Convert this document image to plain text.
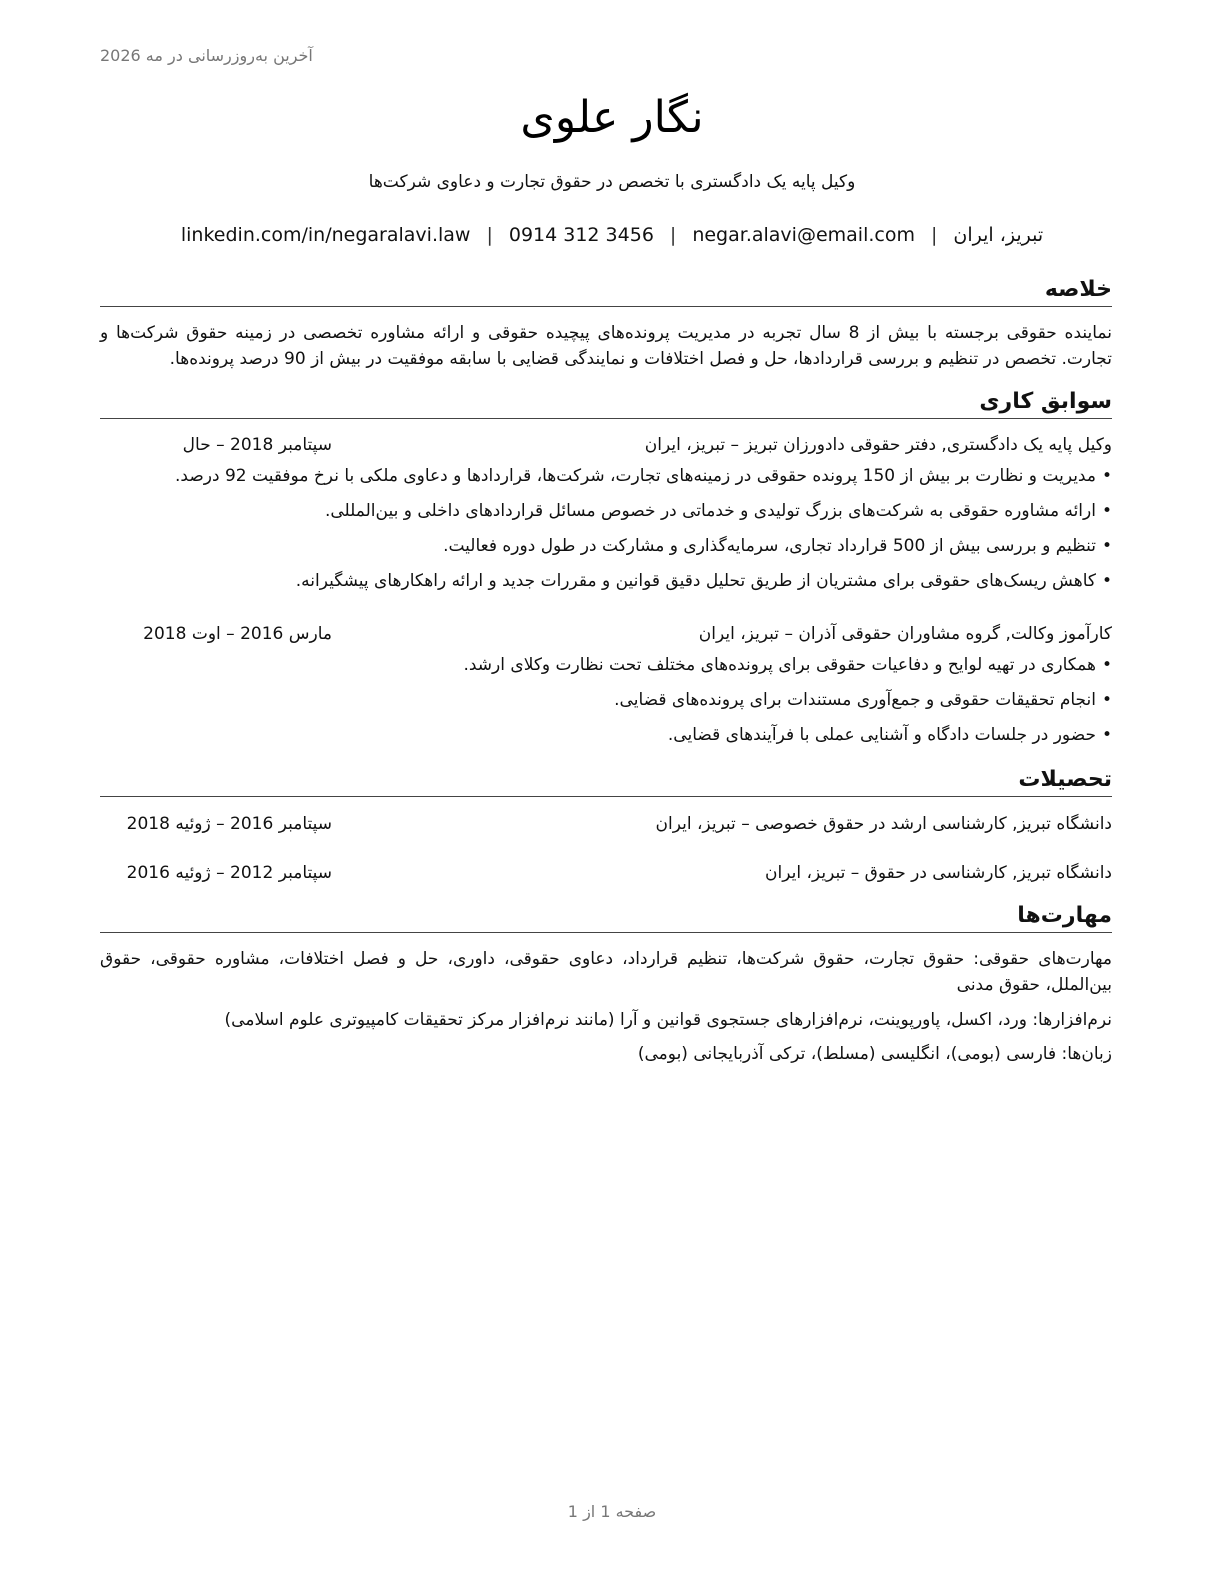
آخرین به‌روزرسانی در مه 2026
نگار علوی
وکیل پایه یک دادگستری با تخصص در حقوق تجارت و دعاوی شرکت‌ها
تبریز، ایران
|
negar.alavi@email.com
|
0914 312 3456
|
linkedin.com/in/negaralavi.law
خلاصه

نماینده حقوقی برجسته با بیش از 8 سال تجربه در مدیریت پرونده‌های پیچیده حقوقی و ارائه مشاوره تخصصی در زمینه حقوق شرکت‌ها و تجارت. تخصص در تنظیم و بررسی قراردادها، حل و فصل اختلافات و نمایندگی قضایی با سابقه موفقیت در بیش از 90 درصد پرونده‌ها.

سوابق کاری
وکیل پایه یک دادگستری, دفتر حقوقی دادورزان تبریز – تبریز، ایران
سپتامبر 2018 – حال
•مدیریت و نظارت بر بیش از 150 پرونده حقوقی در زمینه‌های تجارت، شرکت‌ها، قراردادها و دعاوی ملکی با نرخ موفقیت 92 درصد.
•ارائه مشاوره حقوقی به شرکت‌های بزرگ تولیدی و خدماتی در خصوص مسائل قراردادهای داخلی و بین‌المللی.
•تنظیم و بررسی بیش از 500 قرارداد تجاری، سرمایه‌گذاری و مشارکت در طول دوره فعالیت.
•کاهش ریسک‌های حقوقی برای مشتریان از طریق تحلیل دقیق قوانین و مقررات جدید و ارائه راهکارهای پیشگیرانه.
کارآموز وکالت, گروه مشاوران حقوقی آذران – تبریز، ایران
مارس 2016 – اوت 2018
•همکاری در تهیه لوایح و دفاعیات حقوقی برای پرونده‌های مختلف تحت نظارت وکلای ارشد.
•انجام تحقیقات حقوقی و جمع‌آوری مستندات برای پرونده‌های قضایی.
•حضور در جلسات دادگاه و آشنایی عملی با فرآیندهای قضایی.
تحصیلات
دانشگاه تبریز, کارشناسی ارشد در حقوق خصوصی – تبریز، ایران
سپتامبر 2016 – ژوئیه 2018
دانشگاه تبریز, کارشناسی در حقوق – تبریز، ایران
سپتامبر 2012 – ژوئیه 2016
مهارت‌ها

مهارت‌های حقوقی: حقوق تجارت، حقوق شرکت‌ها، تنظیم قرارداد، دعاوی حقوقی، داوری، حل و فصل اختلافات، مشاوره حقوقی، حقوق بین‌الملل، حقوق مدنی

نرم‌افزارها: ورد، اکسل، پاورپوینت، نرم‌افزارهای جستجوی قوانین و آرا (مانند نرم‌افزار مرکز تحقیقات کامپیوتری علوم اسلامی)

زبان‌ها: فارسی (بومی)، انگلیسی (مسلط)، ترکی آذربایجانی (بومی)

صفحه 1 از 1
